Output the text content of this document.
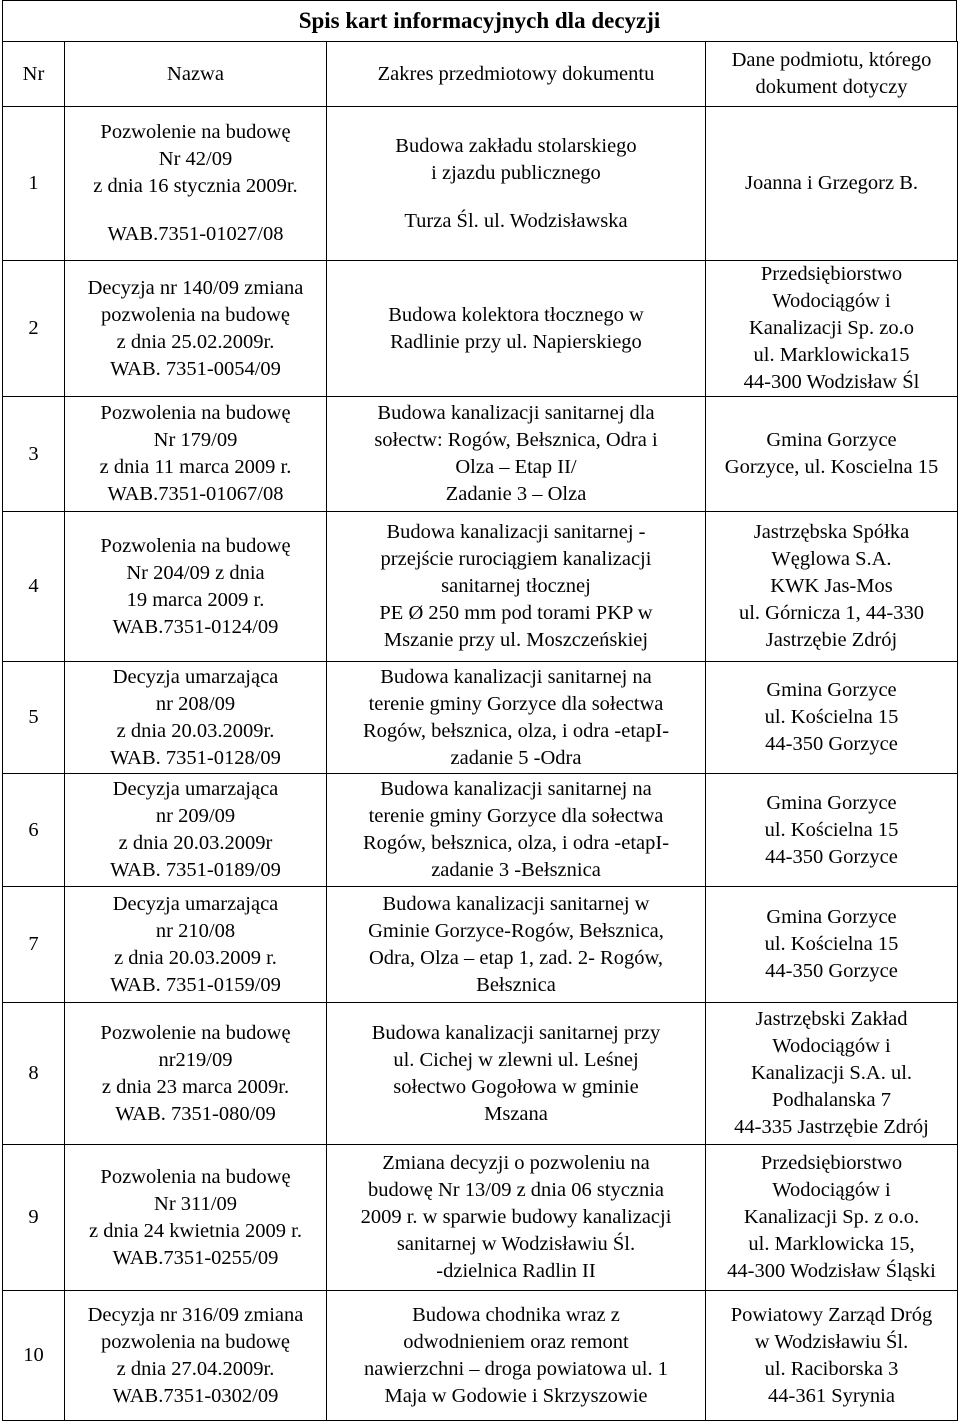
Spis kart informacyjnych dla decyzji
Nr	Nazwa	Zakres przedmiotowy dokumentu	Dane podmiotu, którego
dokument dotyczy

1	Pozwolenie na budowę
Nr 42/09
z dnia 16 stycznia 2009r.
WAB.7351-01027/08	Budowa zakładu stolarskiego
i zjazdu publicznego
Turza Śl. ul. Wodzisławska	Joanna i Grzegorz B.

2	Decyzja nr 140/09 zmiana
pozwolenia na budowę
z dnia 25.02.2009r.
WAB. 7351-0054/09	Budowa kolektora tłocznego w
Radlinie przy ul. Napierskiego	Przedsiębiorstwo
Wodociągów i
Kanalizacji Sp. zo.o
ul. Marklowicka15
44-300 Wodzisław Śl

3	Pozwolenia na budowę
Nr 179/09
z dnia 11 marca 2009 r.
WAB.7351-01067/08	Budowa kanalizacji sanitarnej dla
sołectw: Rogów, Bełsznica, Odra i
Olza – Etap II/
Zadanie 3 – Olza	Gmina Gorzyce
Gorzyce, ul. Koscielna 15

4	Pozwolenia na budowę
Nr 204/09 z dnia
19 marca 2009 r.
WAB.7351-0124/09	Budowa kanalizacji sanitarnej -
przejście rurociągiem kanalizacji
sanitarnej tłocznej
PE Ø 250 mm pod torami PKP w
Mszanie przy ul. Moszczeńskiej	Jastrzębska Spółka
Węglowa S.A.
KWK Jas-Mos
ul. Górnicza 1, 44-330
Jastrzębie Zdrój

5	Decyzja umarzająca
nr 208/09
z dnia 20.03.2009r.
WAB. 7351-0128/09	Budowa kanalizacji sanitarnej na
terenie gminy Gorzyce dla sołectwa
Rogów, bełsznica, olza, i odra -etapI-
zadanie 5 -Odra	Gmina Gorzyce
ul. Kościelna 15
44-350 Gorzyce

6	Decyzja umarzająca
nr 209/09
z dnia 20.03.2009r
WAB. 7351-0189/09	Budowa kanalizacji sanitarnej na
terenie gminy Gorzyce dla sołectwa
Rogów, bełsznica, olza, i odra -etapI-
zadanie 3 -Bełsznica	Gmina Gorzyce
ul. Kościelna 15
44-350 Gorzyce

7	Decyzja umarzająca
nr 210/08
z dnia 20.03.2009 r.
WAB. 7351-0159/09	Budowa kanalizacji sanitarnej w
Gminie Gorzyce-Rogów, Bełsznica,
Odra, Olza – etap 1, zad. 2- Rogów,
Bełsznica	Gmina Gorzyce
ul. Kościelna 15
44-350 Gorzyce

8	Pozwolenie na budowę
nr219/09
z dnia 23 marca 2009r.
WAB. 7351-080/09	Budowa kanalizacji sanitarnej przy
ul. Cichej w zlewni ul. Leśnej
sołectwo Gogołowa w gminie
Mszana	Jastrzębski Zakład
Wodociągów i
Kanalizacji S.A. ul.
Podhalanska 7
44-335 Jastrzębie Zdrój

9	Pozwolenia na budowę
Nr 311/09
z dnia 24 kwietnia 2009 r.
WAB.7351-0255/09	Zmiana decyzji o pozwoleniu na
budowę Nr 13/09 z dnia 06 stycznia
2009 r. w sparwie budowy kanalizacji
sanitarnej w Wodzisławiu Śl.
-dzielnica Radlin II	Przedsiębiorstwo
Wodociągów i
Kanalizacji Sp. z o.o.
ul. Marklowicka 15,
44-300 Wodzisław Śląski

10	Decyzja nr 316/09 zmiana
pozwolenia na budowę
z dnia 27.04.2009r.
WAB.7351-0302/09	Budowa chodnika wraz z
odwodnieniem oraz remont
nawierzchni – droga powiatowa ul. 1
Maja w Godowie i Skrzyszowie	Powiatowy Zarząd Dróg
w Wodzisławiu Śl.
ul. Raciborska 3
44-361 Syrynia
